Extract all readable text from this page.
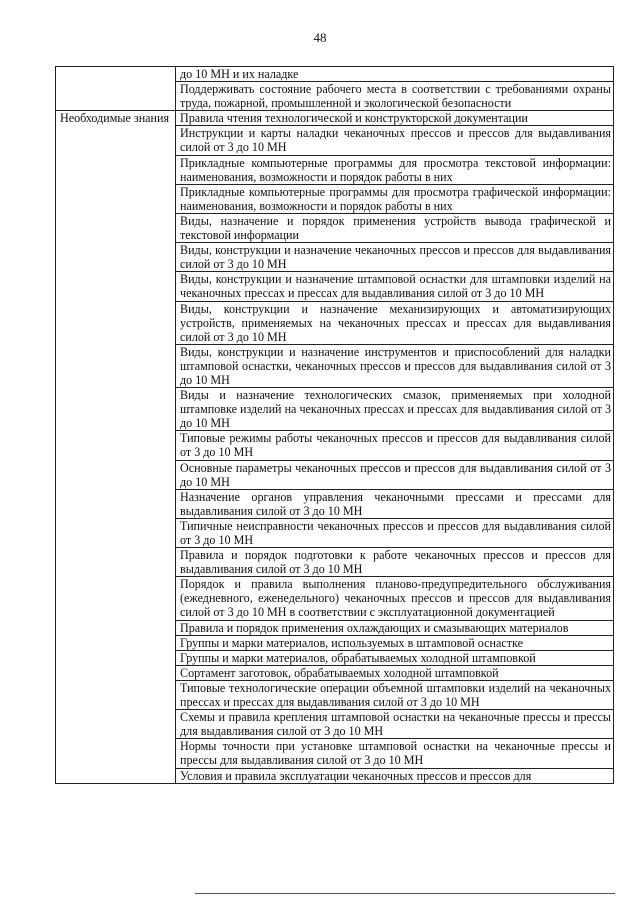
48
	до 10 МН и их наладке
	Поддерживать состояние рабочего места в соответствии с требованиями охраны труда, пожарной, промышленной и экологической безопасности
Необходимые знания	Правила чтения технологической и конструкторской документации
	Инструкции и карты наладки чеканочных прессов и прессов для выдавливания силой от 3 до 10 МН
	Прикладные компьютерные программы для просмотра текстовой информации: наименования, возможности и порядок работы в них
	Прикладные компьютерные программы для просмотра графической информации: наименования, возможности и порядок работы в них
	Виды, назначение и порядок применения устройств вывода графической и текстовой информации
	Виды, конструкции и назначение чеканочных прессов и прессов для выдавливания силой от 3 до 10 МН
	Виды, конструкции и назначение штамповой оснастки для штамповки изделий на чеканочных прессах и прессах для выдавливания силой от 3 до 10 МН
	Виды, конструкции и назначение механизирующих и автоматизирующих устройств, применяемых на чеканочных прессах и прессах для выдавливания силой от 3 до 10 МН
	Виды, конструкции и назначение инструментов и приспособлений для наладки штамповой оснастки, чеканочных прессов и прессов для выдавливания силой от 3 до 10 МН
	Виды и назначение технологических смазок, применяемых при холодной штамповке изделий на чеканочных прессах и прессах для выдавливания силой от 3 до 10 МН
	Типовые режимы работы чеканочных прессов и прессов для выдавливания силой от 3 до 10 МН
	Основные параметры чеканочных прессов и прессов для выдавливания силой от 3 до 10 МН
	Назначение органов управления чеканочными прессами и прессами для выдавливания силой от 3 до 10 МН
	Типичные неисправности чеканочных прессов и прессов для выдавливания силой от 3 до 10 МН
	Правила и порядок подготовки к работе чеканочных прессов и прессов для выдавливания силой от 3 до 10 МН
	Порядок и правила выполнения планово-предупредительного обслуживания (ежедневного, еженедельного) чеканочных прессов и прессов для выдавливания силой от 3 до 10 МН в соответствии с эксплуатационной документацией
	Правила и порядок применения охлаждающих и смазывающих материалов
	Группы и марки материалов, используемых в штамповой оснастке
	Группы и марки материалов, обрабатываемых холодной штамповкой
	Сортамент заготовок, обрабатываемых холодной штамповкой
	Типовые технологические операции объемной штамповки изделий на чеканочных прессах и прессах для выдавливания силой от 3 до 10 МН
	Схемы и правила крепления штамповой оснастки на чеканочные прессы и прессы для выдавливания силой от 3 до 10 МН
	Нормы точности при установке штамповой оснастки на чеканочные прессы и прессы для выдавливания силой от 3 до 10 МН
	Условия и правила эксплуатации чеканочных прессов и прессов для
